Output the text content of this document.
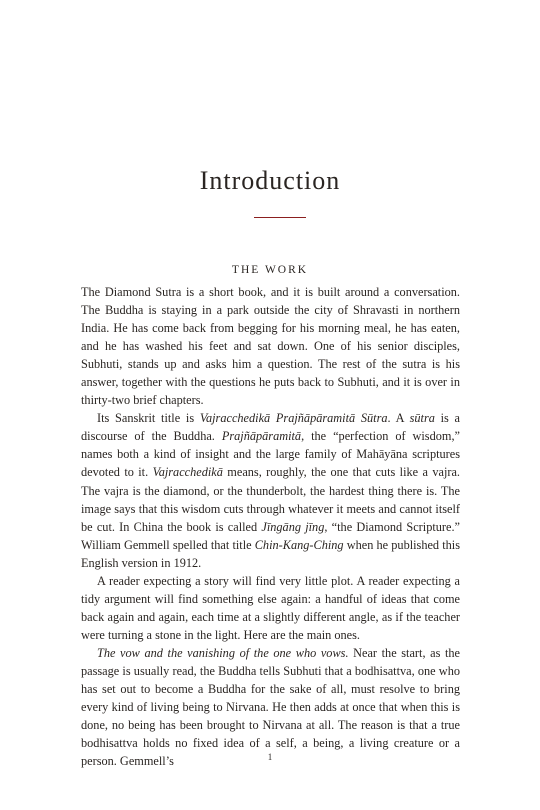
Introduction
THE WORK

The Diamond Sutra is a short book, and it is built around a conversation. The Buddha is staying in a park outside the city of Shravasti in northern India. He has come back from begging for his morning meal, he has eaten, and he has washed his feet and sat down. One of his senior disciples, Subhuti, stands up and asks him a question. The rest of the sutra is his answer, together with the questions he puts back to Subhuti, and it is over in thirty-two brief chapters.

Its Sanskrit title is Vajracchedikā Prajñāpāramitā Sūtra. A sūtra is a discourse of the Buddha. Prajñāpāramitā, the “perfection of wisdom,” names both a kind of insight and the large family of Mahāyāna scriptures devoted to it. Vajracchedikā means, roughly, the one that cuts like a vajra. The vajra is the diamond, or the thunderbolt, the hardest thing there is. The image says that this wisdom cuts through whatever it meets and cannot itself be cut. In China the book is called Jīngāng jīng, “the Diamond Scripture.” William Gemmell spelled that title Chin-Kang-Ching when he published this English version in 1912.

A reader expecting a story will find very little plot. A reader expecting a tidy argument will find something else again: a handful of ideas that come back again and again, each time at a slightly different angle, as if the teacher were turning a stone in the light. Here are the main ones.

The vow and the vanishing of the one who vows. Near the start, as the passage is usually read, the Buddha tells Subhuti that a bodhisattva, one who has set out to become a Buddha for the sake of all, must resolve to bring every kind of living being to Nirvana. He then adds at once that when this is done, no being has been brought to Nirvana at all. The reason is that a true bodhisattva holds no fixed idea of a self, a being, a living creature or a person. Gemmell’s	1
